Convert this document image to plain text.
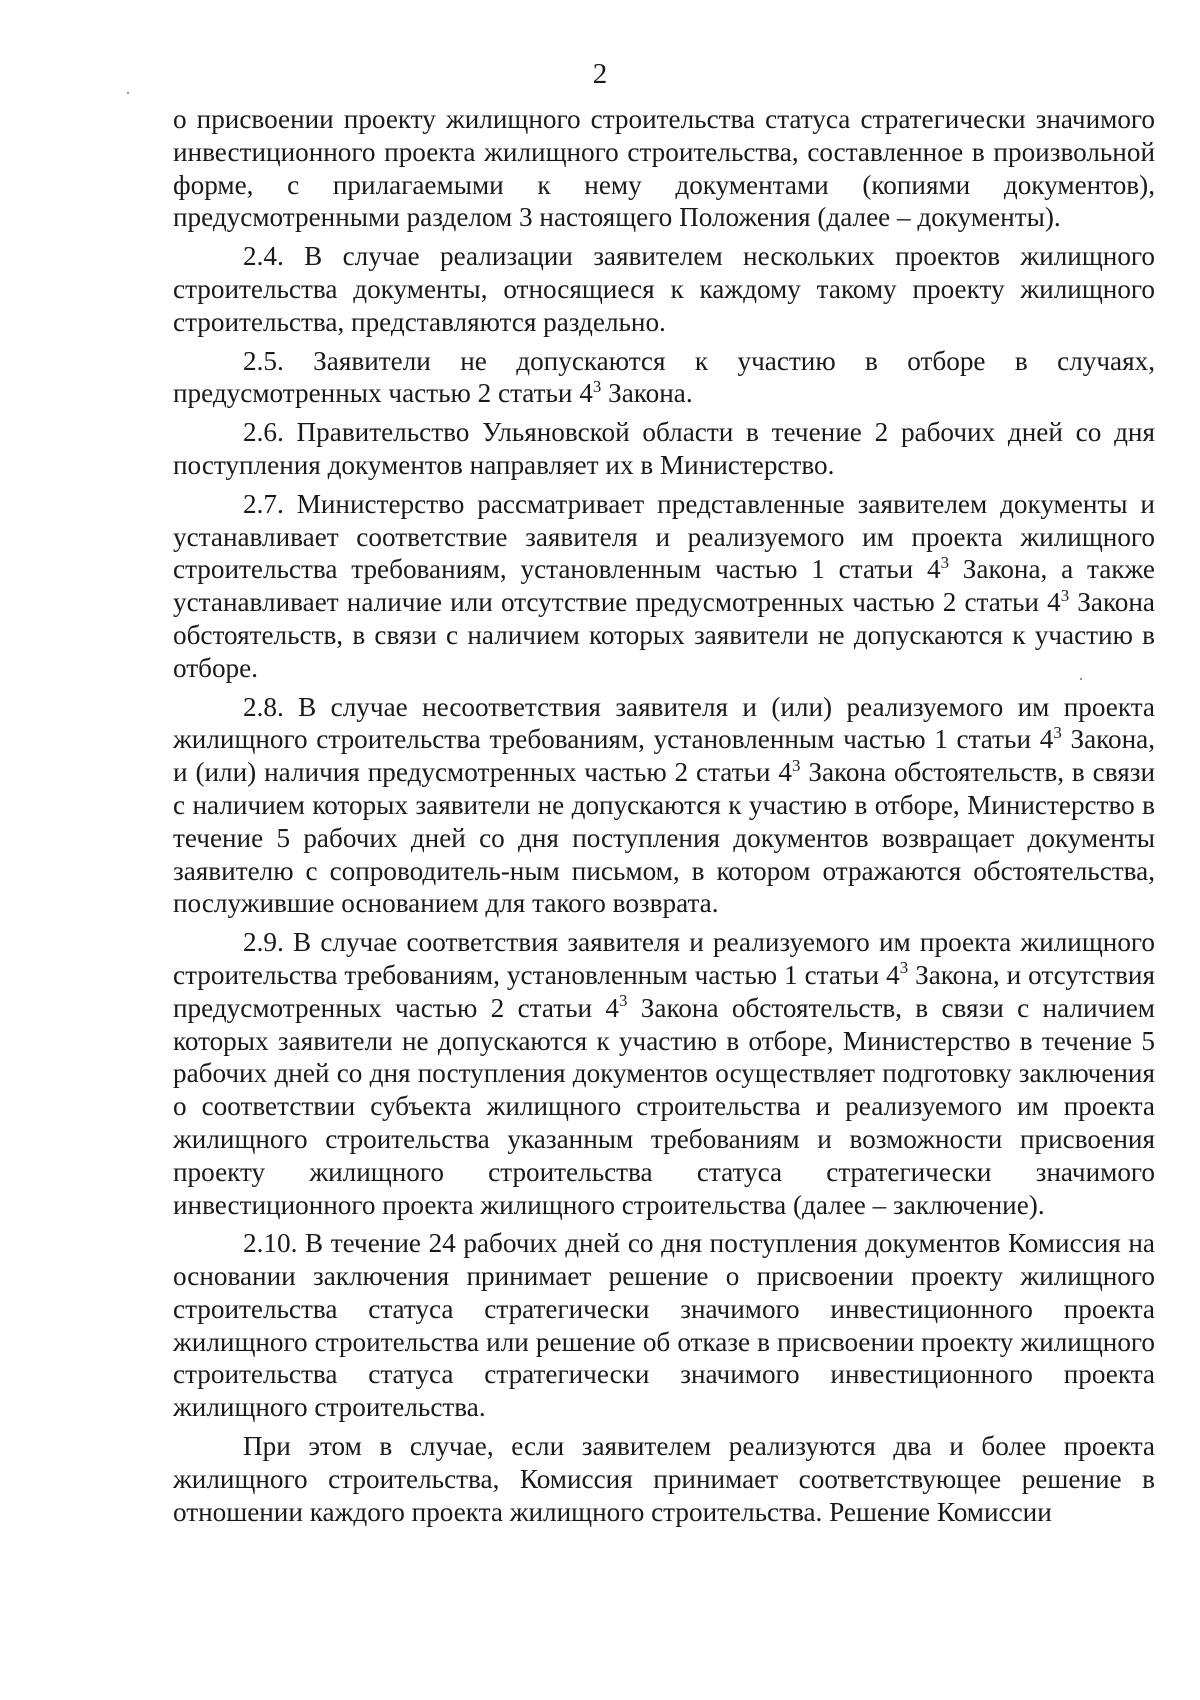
2

о присвоении проекту жилищного строительства статуса стратегически значимого инвестиционного проекта жилищного строительства, составленное в произвольной форме, с прилагаемыми к нему документами (копиями документов), предусмотренными разделом 3 настоящего Положения (далее – документы).

2.4. В случае реализации заявителем нескольких проектов жилищного строительства документы, относящиеся к каждому такому проекту жилищного строительства, представляются раздельно.

2.5. Заявители не допускаются к участию в отборе в случаях, предусмотренных частью 2 статьи $4^3$ Закона.

2.6. Правительство Ульяновской области в течение 2 рабочих дней со дня поступления документов направляет их в Министерство.

2.7. Министерство рассматривает представленные заявителем документы и устанавливает соответствие заявителя и реализуемого им проекта жилищного строительства требованиям, установленным частью 1 статьи $4^3$ Закона, а также устанавливает наличие или отсутствие предусмотренных частью 2 статьи $4^3$ Закона обстоятельств, в связи с наличием которых заявители не допускаются к участию в отборе.

2.8. В случае несоответствия заявителя и (или) реализуемого им проекта жилищного строительства требованиям, установленным частью 1 статьи $4^3$ Закона, и (или) наличия предусмотренных частью 2 статьи $4^3$ Закона обстоятельств, в связи с наличием которых заявители не допускаются к участию в отборе, Министерство в течение 5 рабочих дней со дня поступления документов возвращает документы заявителю с сопроводитель-ным письмом, в котором отражаются обстоятельства, послужившие основанием для такого возврата.

2.9. В случае соответствия заявителя и реализуемого им проекта жилищного строительства требованиям, установленным частью 1 статьи $4^3$ Закона, и отсутствия предусмотренных частью 2 статьи $4^3$ Закона обстоятельств, в связи с наличием которых заявители не допускаются к участию в отборе, Министерство в течение 5 рабочих дней со дня поступления документов осуществляет подготовку заключения о соответствии субъекта жилищного строительства и реализуемого им проекта жилищного строительства указанным требованиям и возможности присвоения проекту жилищного строительства статуса стратегически значимого инвестиционного проекта жилищного строительства (далее – заключение).

2.10. В течение 24 рабочих дней со дня поступления документов Комиссия на основании заключения принимает решение о присвоении проекту жилищного строительства статуса стратегически значимого инвестиционного проекта жилищного строительства или решение об отказе в присвоении проекту жилищного строительства статуса стратегически значимого инвестиционного проекта жилищного строительства.

При этом в случае, если заявителем реализуются два и более проекта жилищного строительства, Комиссия принимает соответствующее решение в отношении каждого проекта жилищного строительства. Решение Комиссии
